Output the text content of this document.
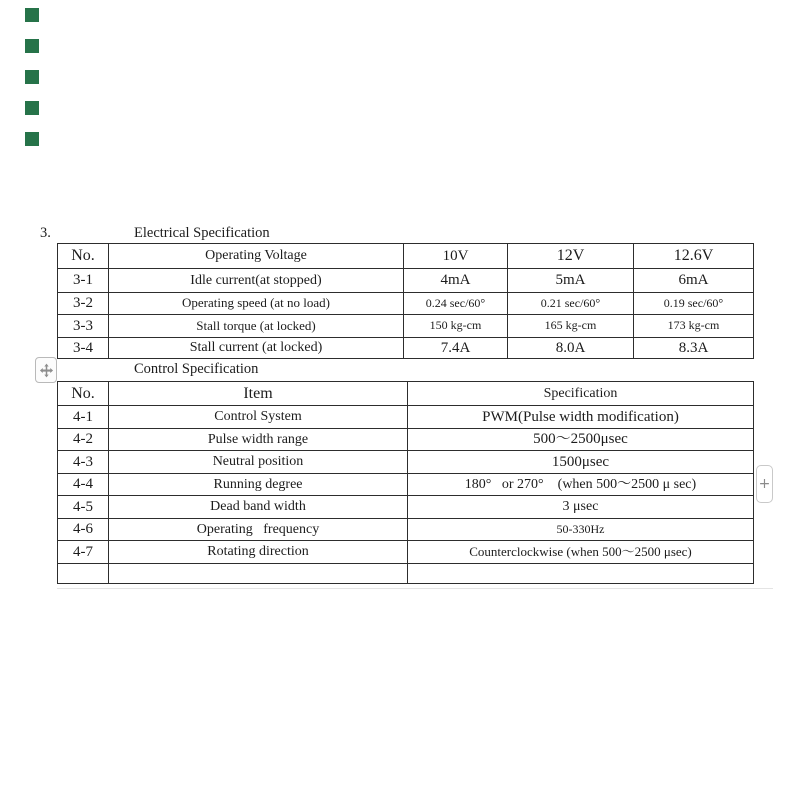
3.	Electrical Specification
No.	Operating Voltage	10V	12V	12.6V
3-1	Idle current(at stopped)	4mA	5mA	6mA
3-2	Operating speed (at no load)	0.24 sec/60°	0.21 sec/60°	0.19 sec/60°
3-3	Stall torque (at locked)	150 kg-cm	165 kg-cm	173 kg-cm
3-4	Stall current (at locked)	7.4A	8.0A	8.3A
Control Specification
No.	Item	Specification
4-1	Control System	PWM(Pulse width modification)
4-2	Pulse width range	500～2500μsec
4-3	Neutral position	1500μsec
4-4	Running degree	180°   or 270°    (when 500～2500 μ sec)
4-5	Dead band width	3 μsec
4-6	Operating   frequency	50-330Hz
4-7	Rotating direction	Counterclockwise (when 500～2500 μsec)

+
